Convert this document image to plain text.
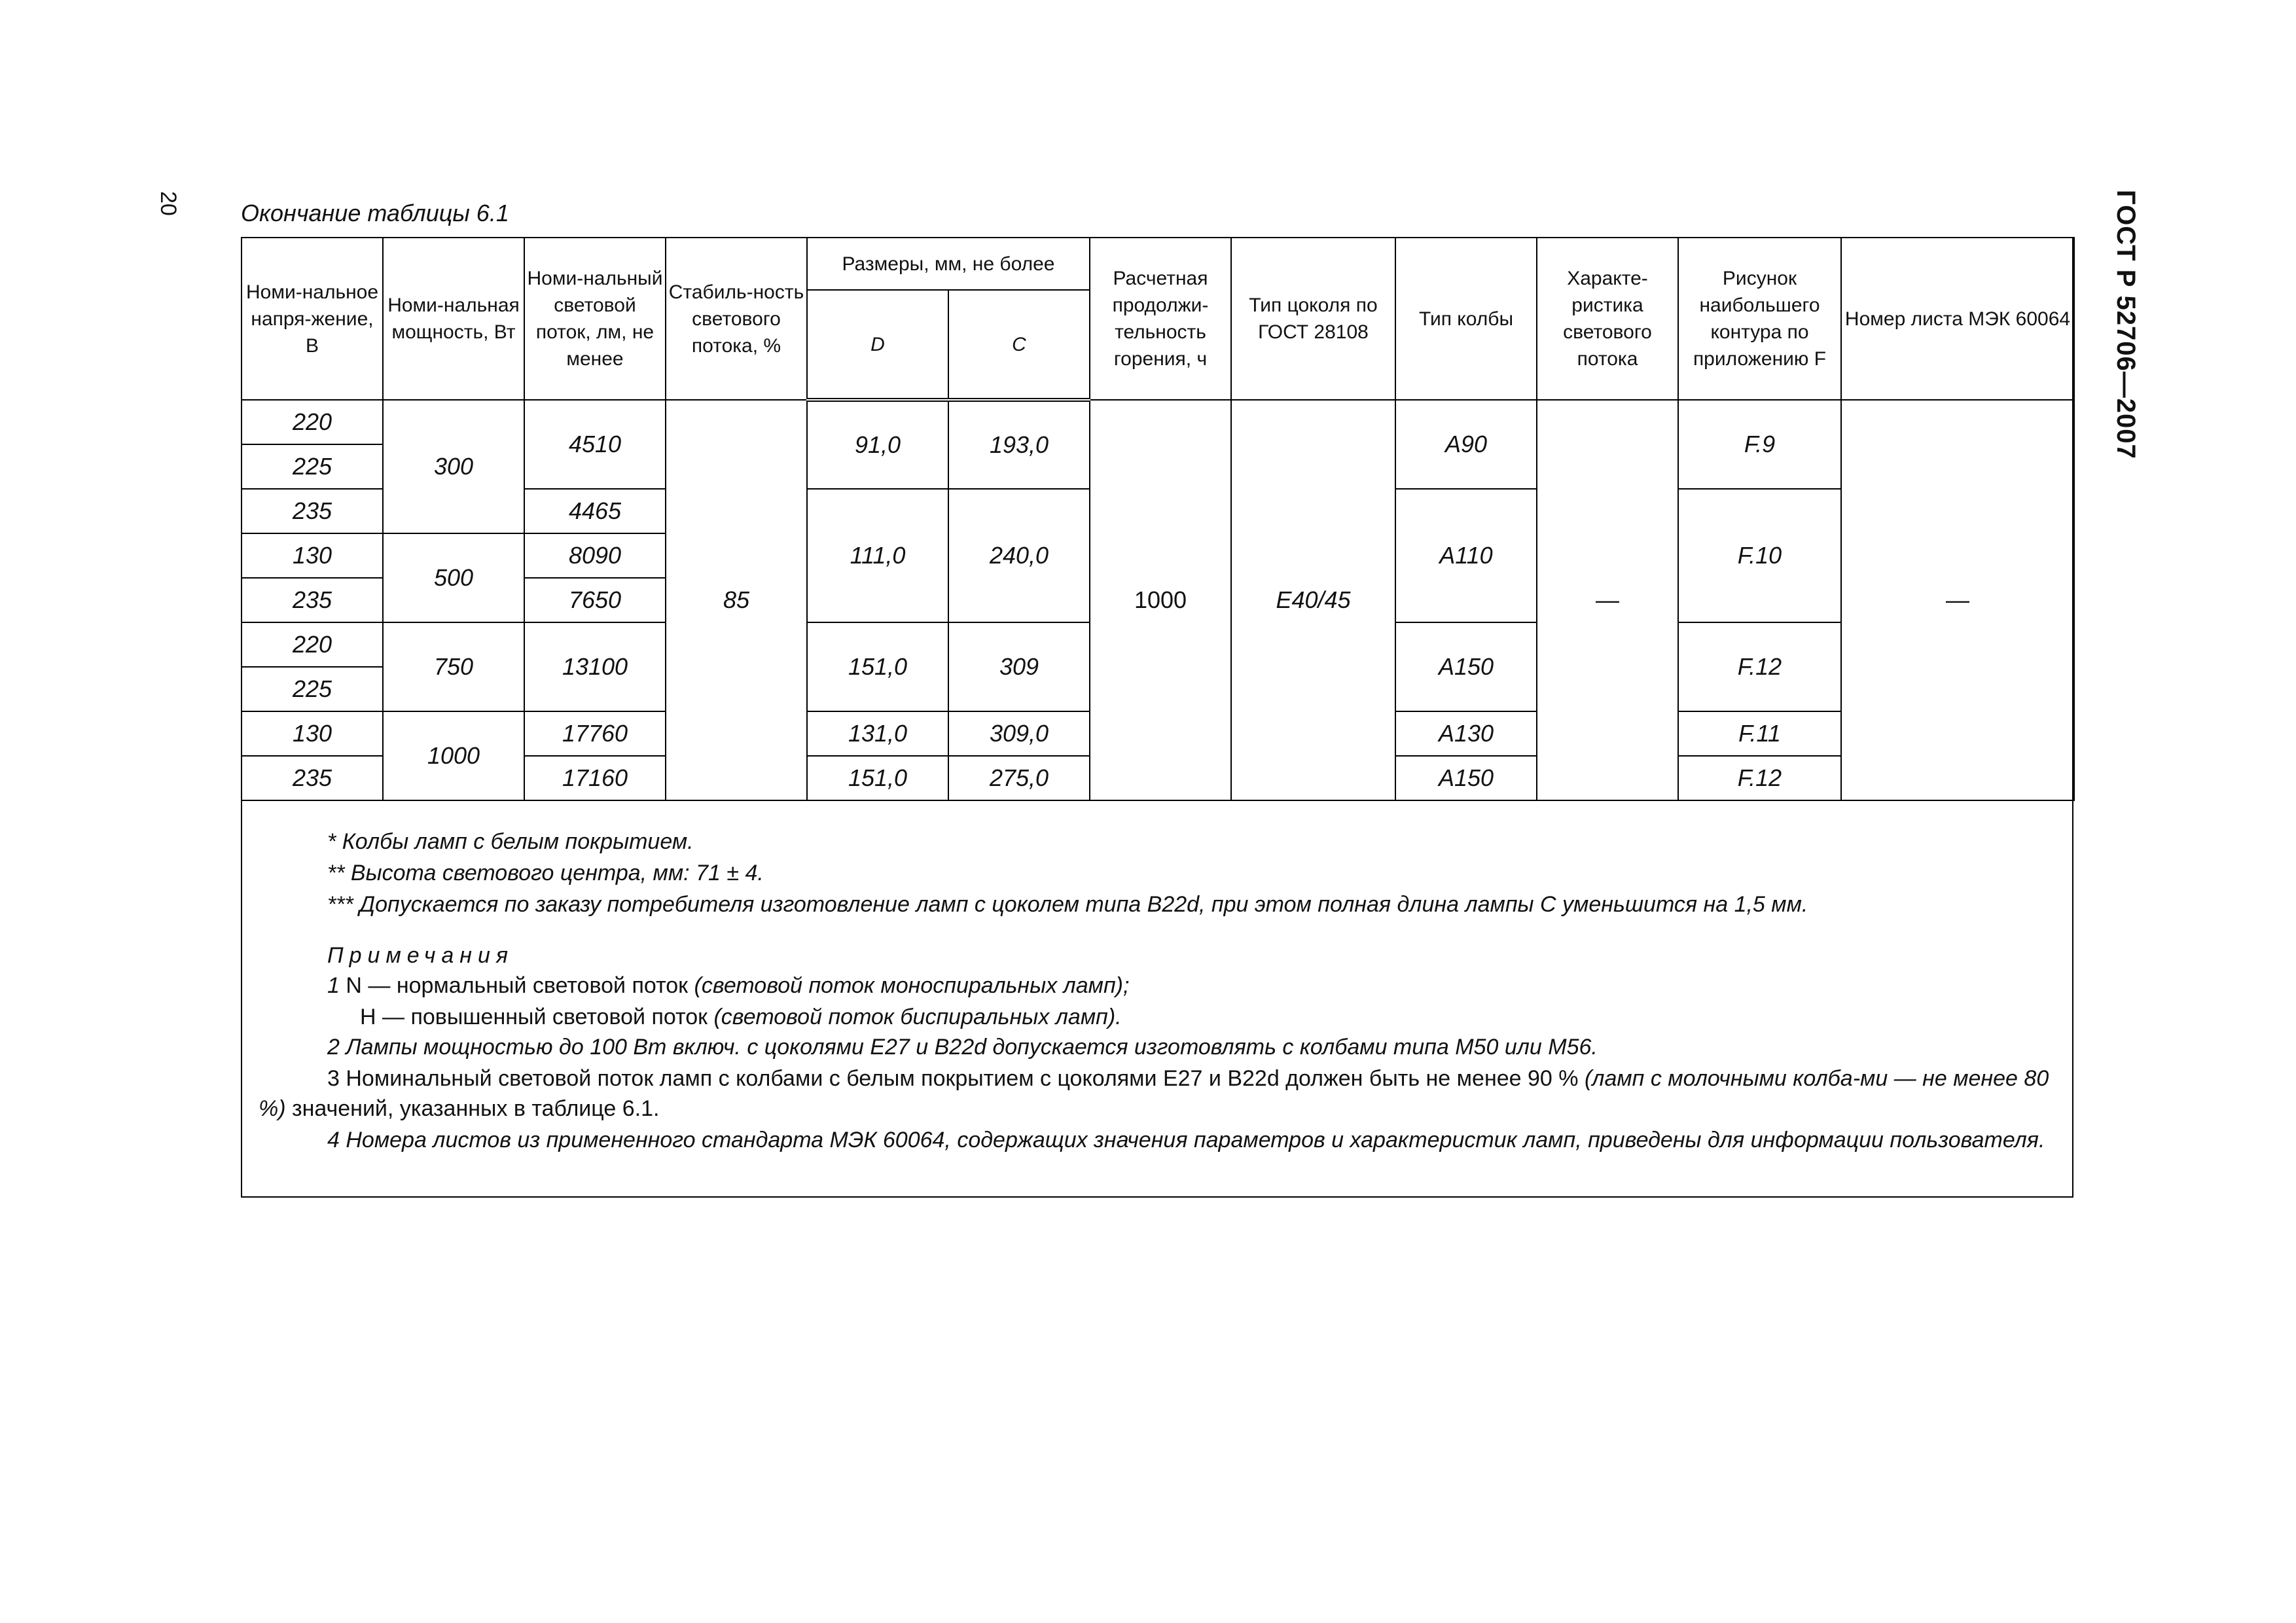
20	ГОСТ Р 52706—2007
Окончание таблицы 6.1
Номи-нальное напря-жение, В	Номи-нальная мощность, Вт	Номи-нальный световой поток, лм, не менее	Стабиль-ность светового потока, %	Размеры, мм, не более		Расчетная продолжи-тельность горения, ч	Тип цоколя по ГОСТ 28108	Тип колбы	Характе-ристика светового потока	Рисунок наибольшего контура по приложению F	Номер листа МЭК 60064
				D	C						
220	300	4510	85	91,0	193,0	1000	E40/45	A90	—	F.9	—
225											
235		4465		111,0	240,0			A110		F.10	
130	500	8090									
235		7650									
220	750	13100		151,0	309			A150		F.12	
225											
130	1000	17760		131,0	309,0			A130		F.11	
235		17160		151,0	275,0			A150		F.12	
* Колбы ламп с белым покрытием.
** Высота светового центра, мм: 71 ± 4.
*** Допускается по заказу потребителя изготовление ламп с цоколем типа B22d, при этом полная длина лампы С уменьшится на 1,5 мм.
Примечания
1 N — нормальный световой поток (световой поток моноспиральных ламп);
Н — повышенный световой поток (световой поток биспиральных ламп).
2 Лампы мощностью до 100 Вт включ. с цоколями Е27 и B22d допускается изготовлять с колбами типа М50 или М56.
3 Номинальный световой поток ламп с колбами с белым покрытием с цоколями Е27 и B22d должен быть не менее 90 % (ламп с молочными колба-ми — не менее 80 %) значений, указанных в таблице 6.1.
4 Номера листов из примененного стандарта МЭК 60064, содержащих значения параметров и характеристик ламп, приведены для информации пользователя.
